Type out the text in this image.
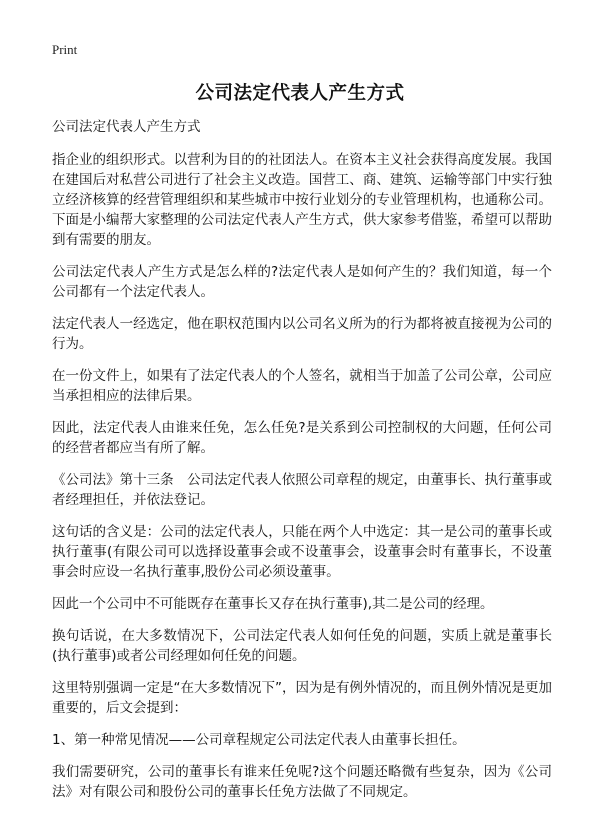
Print
公司法定代表人产生方式

公司法定代表人产生方式

指企业的组织形式。以营利为目的的社团法人。在资本主义社会获得高度发展。我国在建国后对私营公司进行了社会主义改造。国营工、商、建筑、运输等部门中实行独立经济核算的经营管理组织和某些城市中按行业划分的专业管理机构，也通称公司。下面是小编帮大家整理的公司法定代表人产生方式，供大家参考借鉴，希望可以帮助到有需要的朋友。

公司法定代表人产生方式是怎么样的?法定代表人是如何产生的？我们知道，每一个公司都有一个法定代表人。

法定代表人一经选定，他在职权范围内以公司名义所为的行为都将被直接视为公司的行为。

在一份文件上，如果有了法定代表人的个人签名，就相当于加盖了公司公章，公司应当承担相应的法律后果。

因此，法定代表人由谁来任免，怎么任免?是关系到公司控制权的大问题，任何公司的经营者都应当有所了解。

《公司法》第十三条　公司法定代表人依照公司章程的规定，由董事长、执行董事或者经理担任，并依法登记。

这句话的含义是：公司的法定代表人，只能在两个人中选定：其一是公司的董事长或执行董事(有限公司可以选择设董事会或不设董事会，设董事会时有董事长，不设董事会时应设一名执行董事,股份公司必须设董事。

因此一个公司中不可能既存在董事长又存在执行董事),其二是公司的经理。

换句话说，在大多数情况下，公司法定代表人如何任免的问题，实质上就是董事长(执行董事)或者公司经理如何任免的问题。

这里特别强调一定是“在大多数情况下”，因为是有例外情况的，而且例外情况是更加重要的，后文会提到：

1、第一种常见情况——公司章程规定公司法定代表人由董事长担任。

我们需要研究，公司的董事长有谁来任免呢?这个问题还略微有些复杂，因为《公司法》对有限公司和股份公司的董事长任免方法做了不同规定。
